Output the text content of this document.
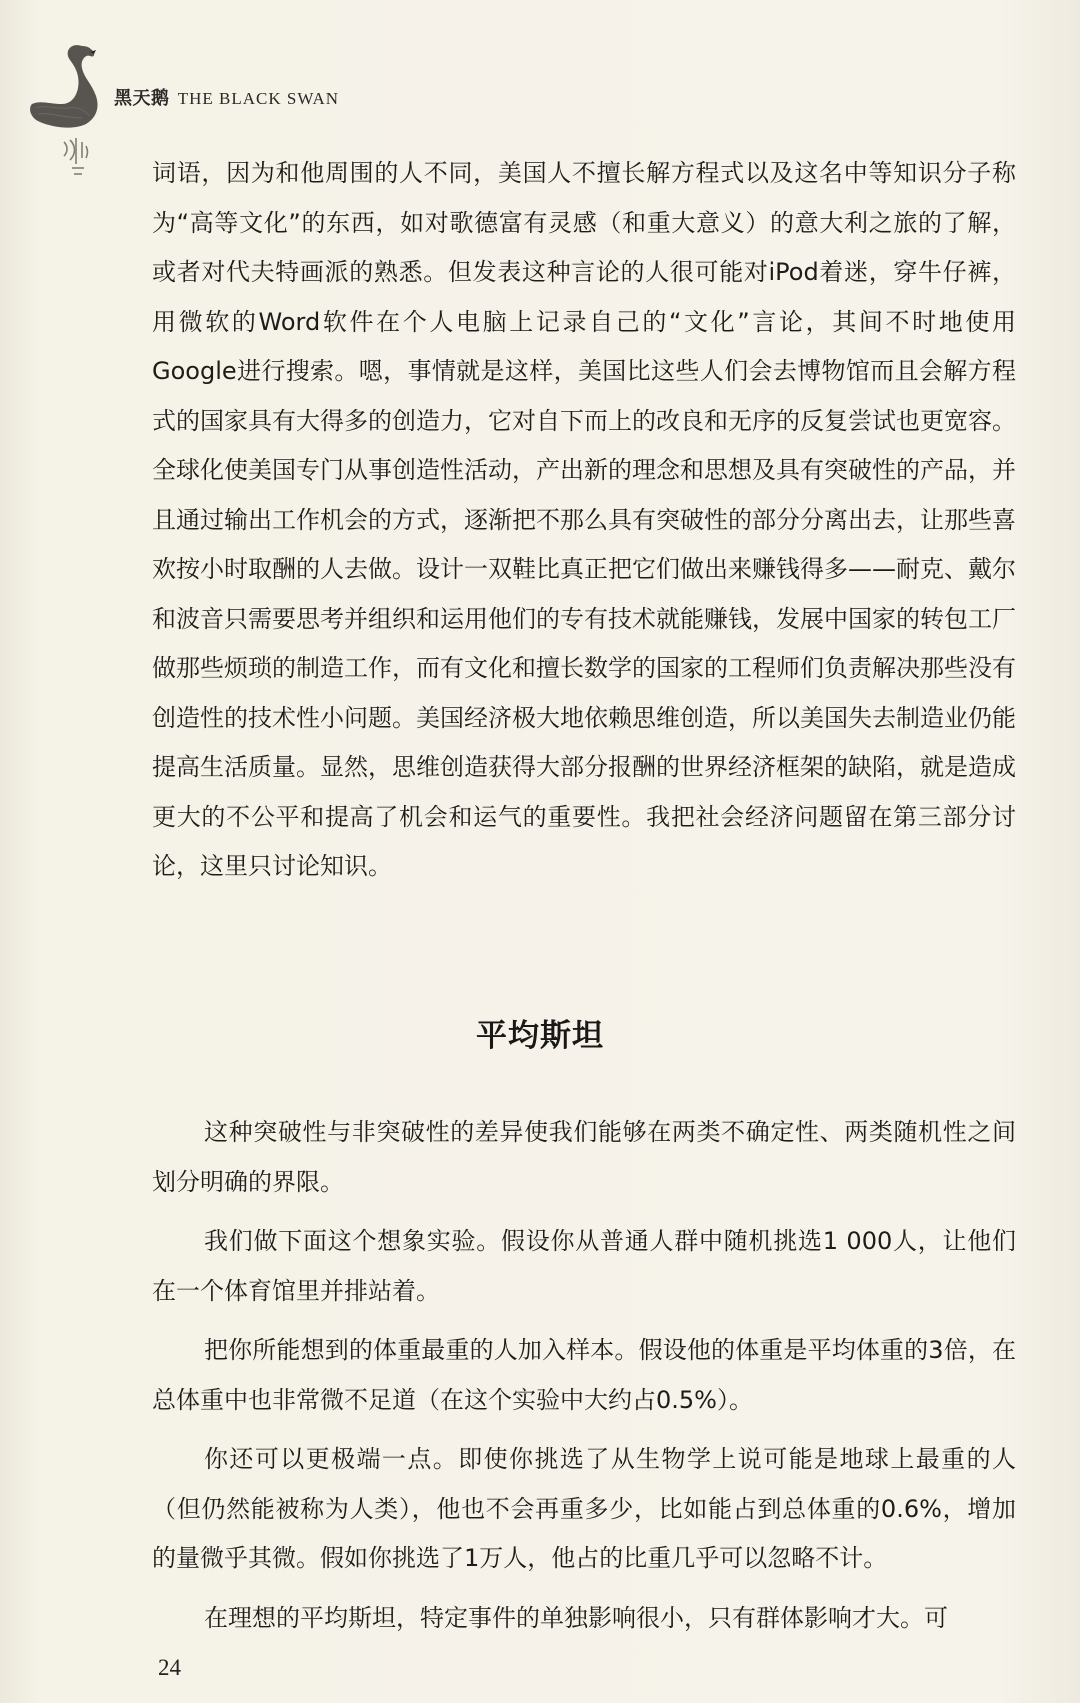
黑天鹅 THE BLACK SWAN

词语，因为和他周围的人不同，美国人不擅长解方程式以及这名中等知识分子称为“高等文化”的东西，如对歌德富有灵感（和重大意义）的意大利之旅的了解，或者对代夫特画派的熟悉。但发表这种言论的人很可能对iPod着迷，穿牛仔裤，用微软的Word软件在个人电脑上记录自己的“文化”言论，其间不时地使用Google进行搜索。嗯，事情就是这样，美国比这些人们会去博物馆而且会解方程式的国家具有大得多的创造力，它对自下而上的改良和无序的反复尝试也更宽容。全球化使美国专门从事创造性活动，产出新的理念和思想及具有突破性的产品，并且通过输出工作机会的方式，逐渐把不那么具有突破性的部分分离出去，让那些喜欢按小时取酬的人去做。设计一双鞋比真正把它们做出来赚钱得多——耐克、戴尔和波音只需要思考并组织和运用他们的专有技术就能赚钱，发展中国家的转包工厂做那些烦琐的制造工作，而有文化和擅长数学的国家的工程师们负责解决那些没有创造性的技术性小问题。美国经济极大地依赖思维创造，所以美国失去制造业仍能提高生活质量。显然，思维创造获得大部分报酬的世界经济框架的缺陷，就是造成更大的不公平和提高了机会和运气的重要性。我把社会经济问题留在第三部分讨论，这里只讨论知识。

平均斯坦

这种突破性与非突破性的差异使我们能够在两类不确定性、两类随机性之间划分明确的界限。

我们做下面这个想象实验。假设你从普通人群中随机挑选1 000人，让他们在一个体育馆里并排站着。

把你所能想到的体重最重的人加入样本。假设他的体重是平均体重的3倍，在总体重中也非常微不足道（在这个实验中大约占0.5%）。

你还可以更极端一点。即使你挑选了从生物学上说可能是地球上最重的人（但仍然能被称为人类），他也不会再重多少，比如能占到总体重的0.6%，增加的量微乎其微。假如你挑选了1万人，他占的比重几乎可以忽略不计。

在理想的平均斯坦，特定事件的单独影响很小，只有群体影响才大。可

24
